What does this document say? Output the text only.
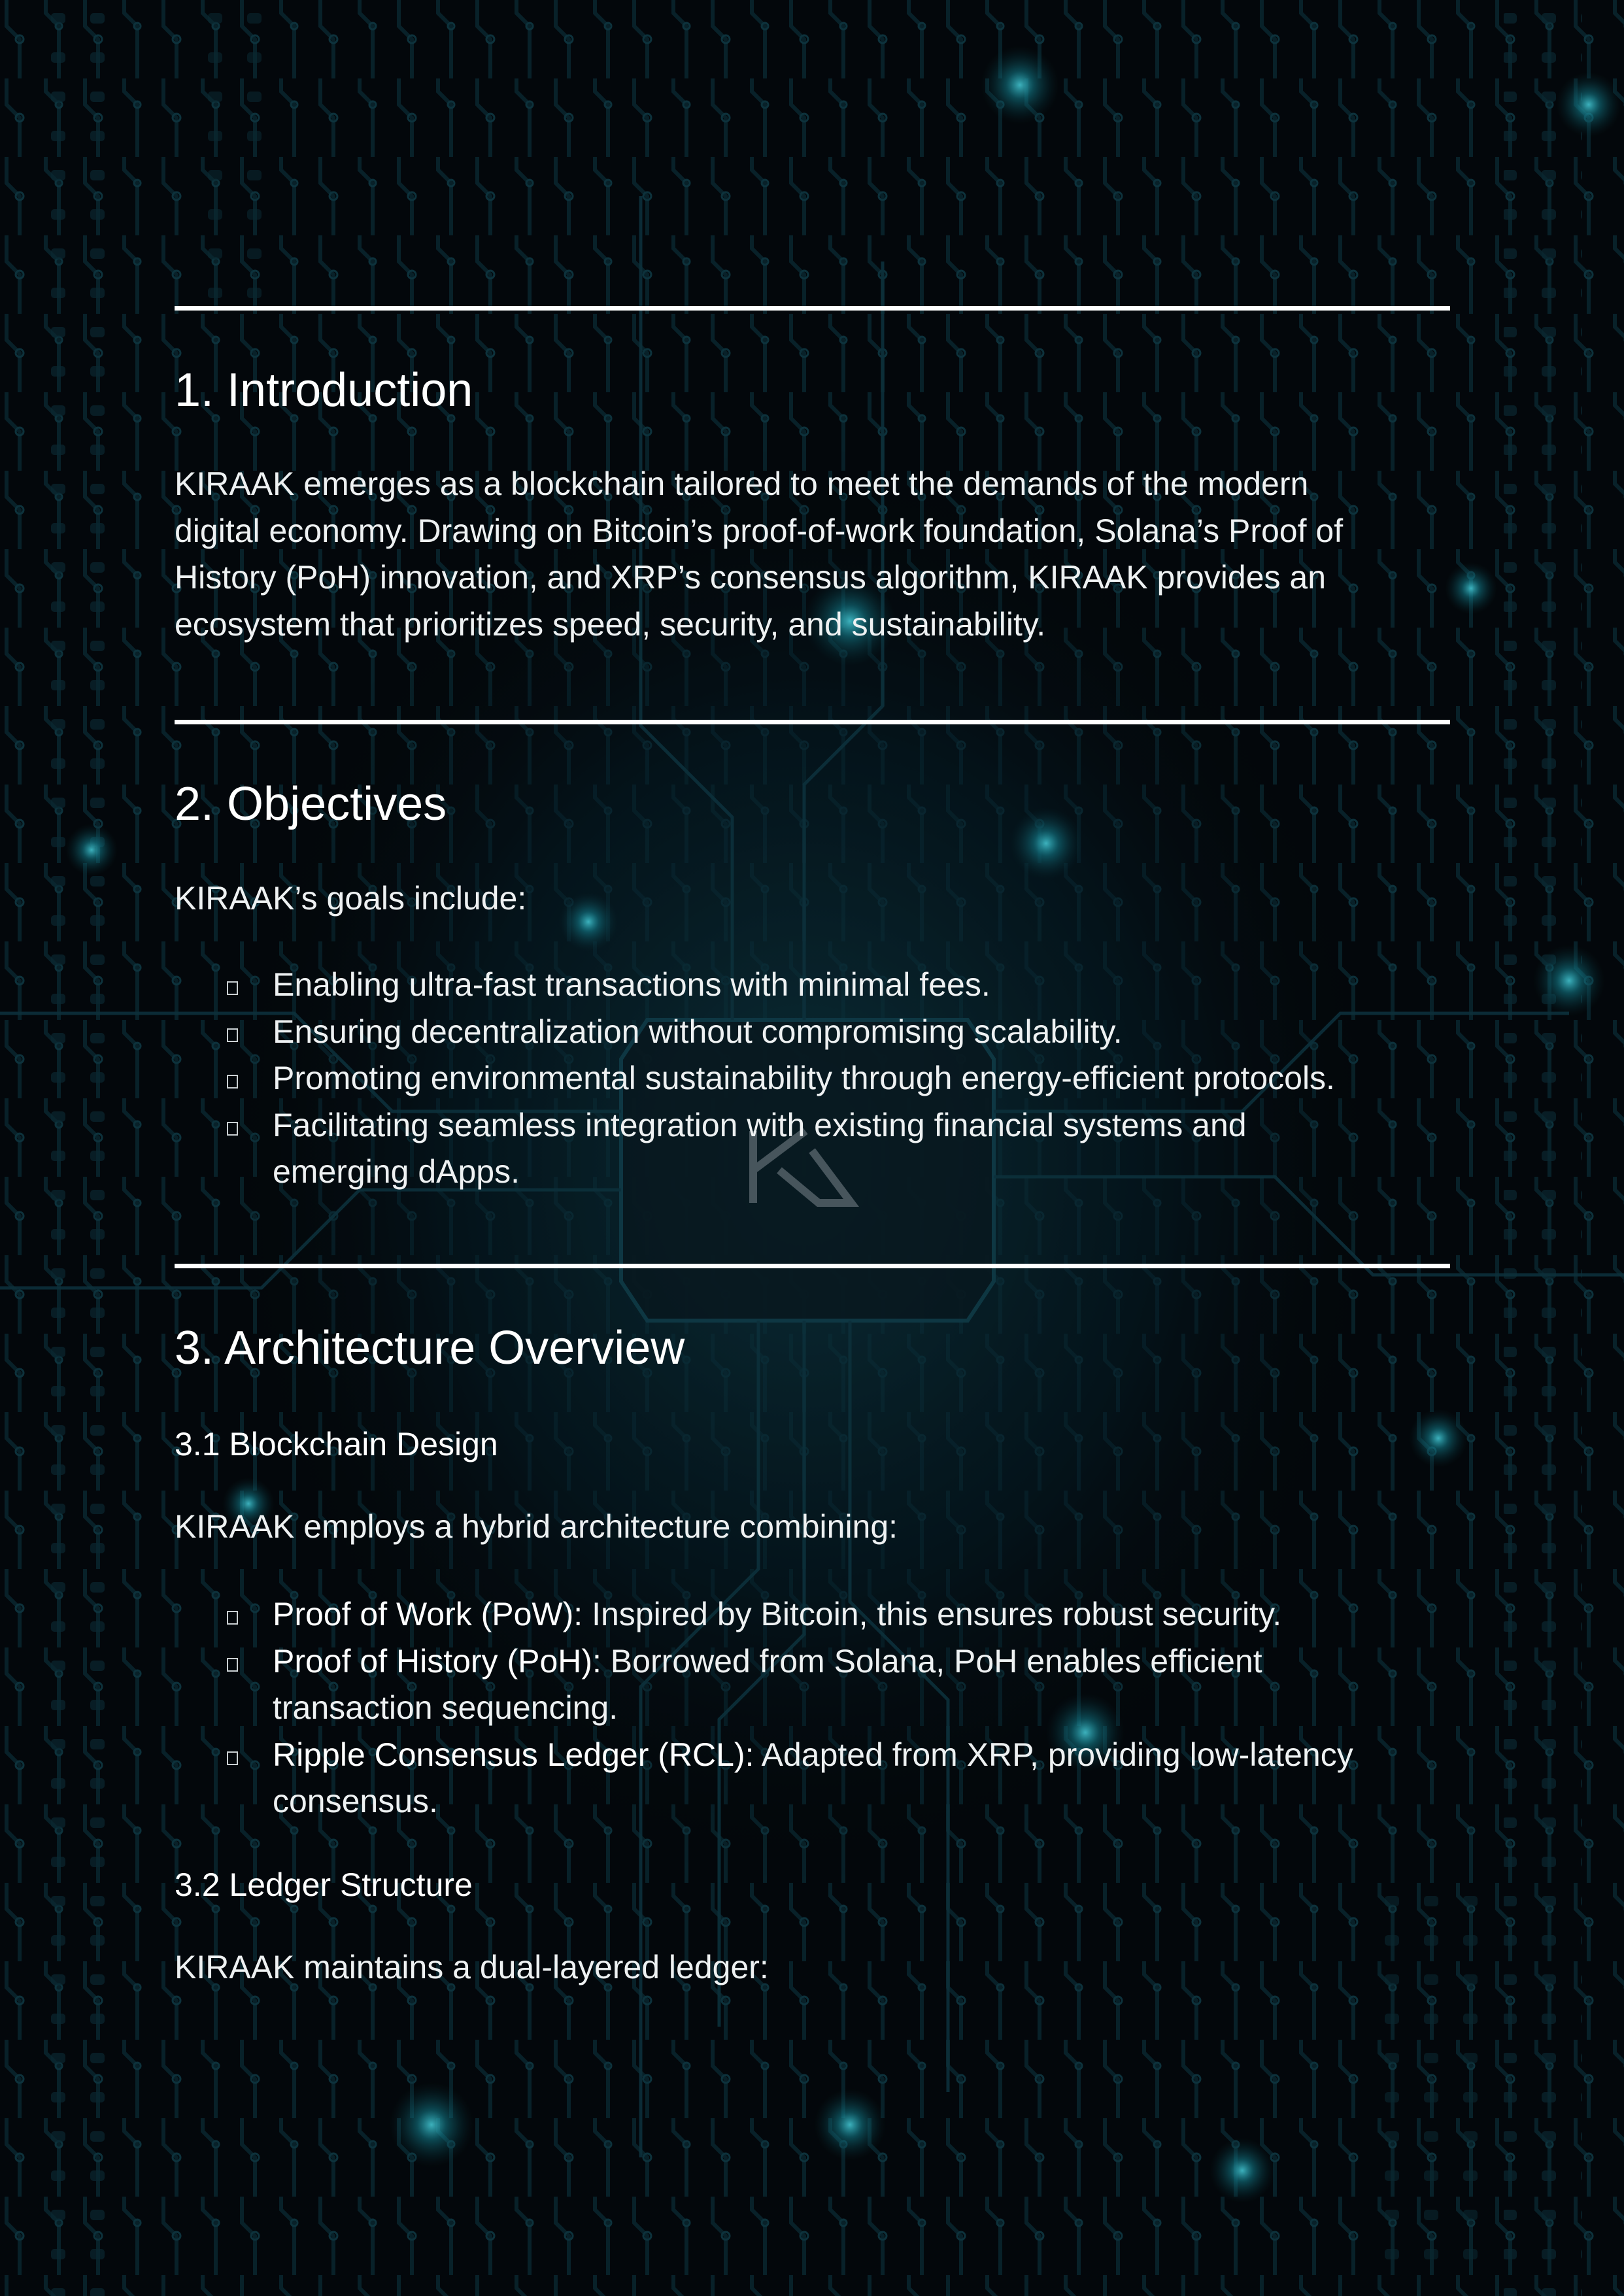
1. Introduction
KIRAAK emerges as a blockchain tailored to meet the demands of the modern
digital economy. Drawing on Bitcoin’s proof-of-work foundation, Solana’s Proof of
History (PoH) innovation, and XRP’s consensus algorithm, KIRAAK provides an
ecosystem that prioritizes speed, security, and sustainability.
2. Objectives
KIRAAK’s goals include:
Enabling ultra-fast transactions with minimal fees.
Ensuring decentralization without compromising scalability.
Promoting environmental sustainability through energy-efficient protocols.
Facilitating seamless integration with existing financial systems and
emerging dApps.
3. Architecture Overview
3.1 Blockchain Design
KIRAAK employs a hybrid architecture combining:
Proof of Work (PoW): Inspired by Bitcoin, this ensures robust security.
Proof of History (PoH): Borrowed from Solana, PoH enables efficient
transaction sequencing.
Ripple Consensus Ledger (RCL): Adapted from XRP, providing low-latency
consensus.
3.2 Ledger Structure
KIRAAK maintains a dual-layered ledger:
